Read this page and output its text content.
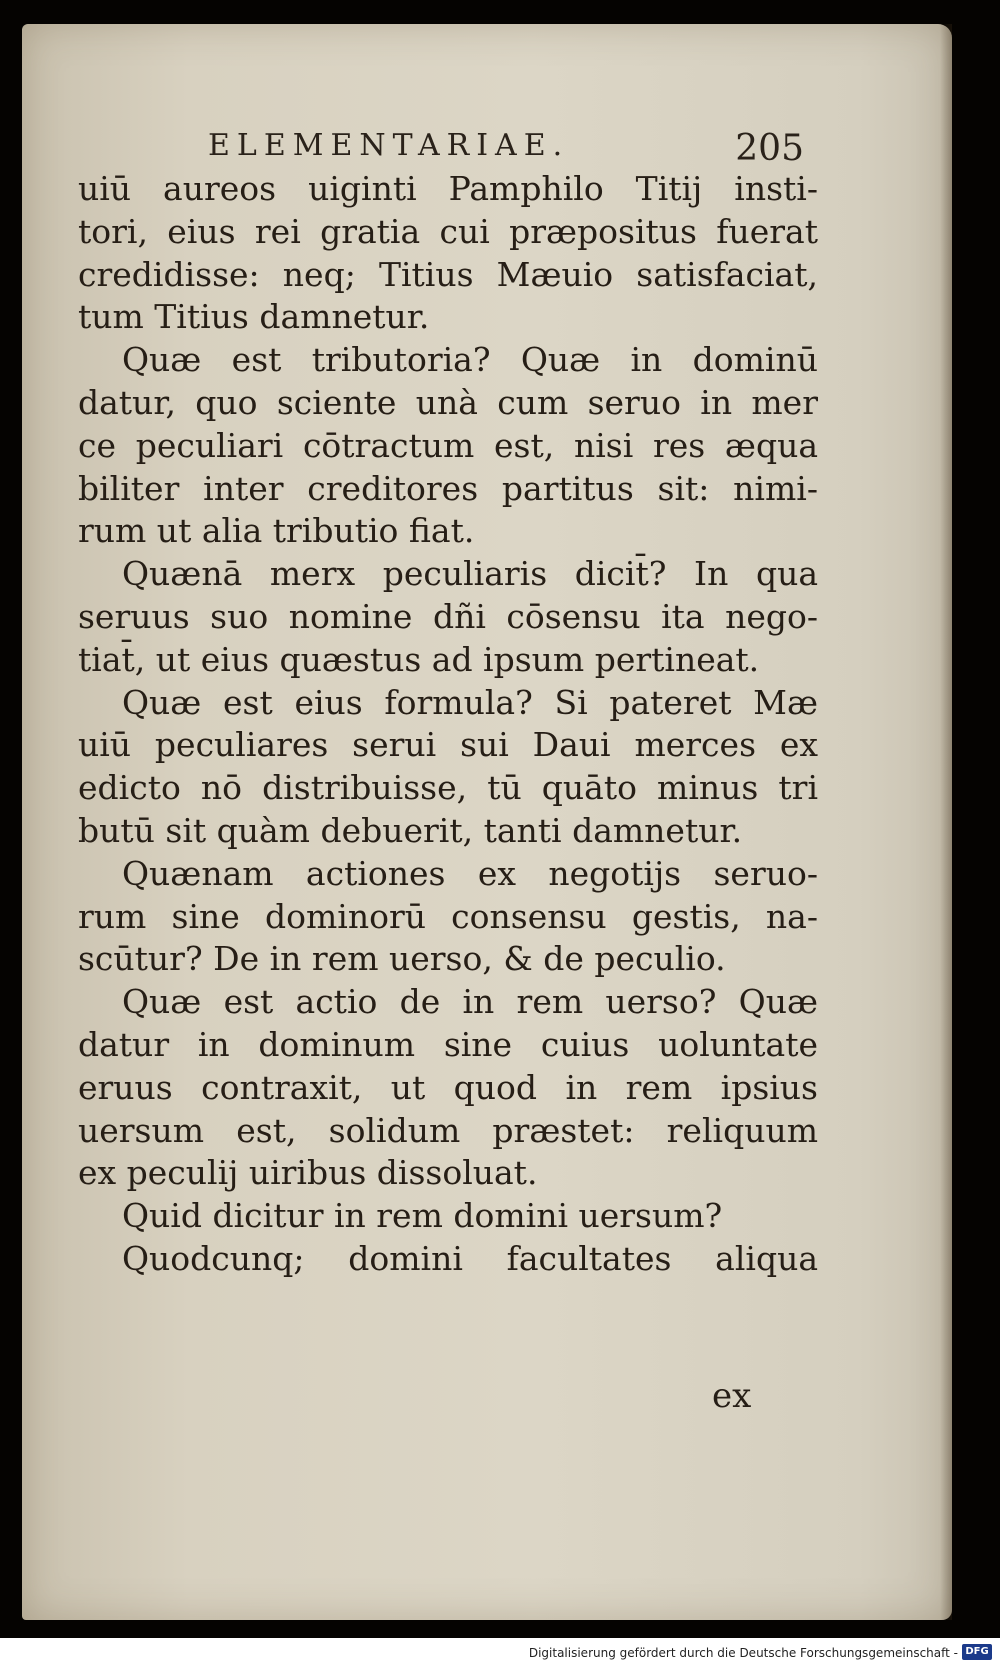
ELEMENTARIAE.	205
uiū aureos uiginti Pamphilo Titij insti-
tori, eius rei gratia cui præpositus fuerat
credidisse: neq; Titius Mæuio satisfaciat,
tum Titius damnetur.
Quæ est tributoria? Quæ in dominū
datur, quo sciente unà cum seruo in mer
ce peculiari cōtractum est, nisi res æqua
biliter inter creditores partitus sit: nimi-
rum ut alia tributio fiat.
Quænā merx peculiaris dicit̄? In qua
seruus suo nomine dñi cōsensu ita nego-
tiat̄, ut eius quæstus ad ipsum pertineat.
Quæ est eius formula? Si pateret Mæ
uiū peculiares serui sui Daui merces ex
edicto nō distribuisse, tū quāto minus tri
butū sit quàm debuerit, tanti damnetur.
Quænam actiones ex negotijs seruo-
rum sine dominorū consensu gestis, na-
scūtur? De in rem uerso, & de peculio.
Quæ est actio de in rem uerso? Quæ
datur in dominum sine cuius uoluntate
eruus contraxit, ut quod in rem ipsius
uersum est, solidum præstet: reliquum
ex peculij uiribus dissoluat.
Quid dicitur in rem domini uersum?
Quodcunq; domini facultates aliqua
ex
Digitalisierung gefördert durch die Deutsche Forschungsgemeinschaft - DFG
